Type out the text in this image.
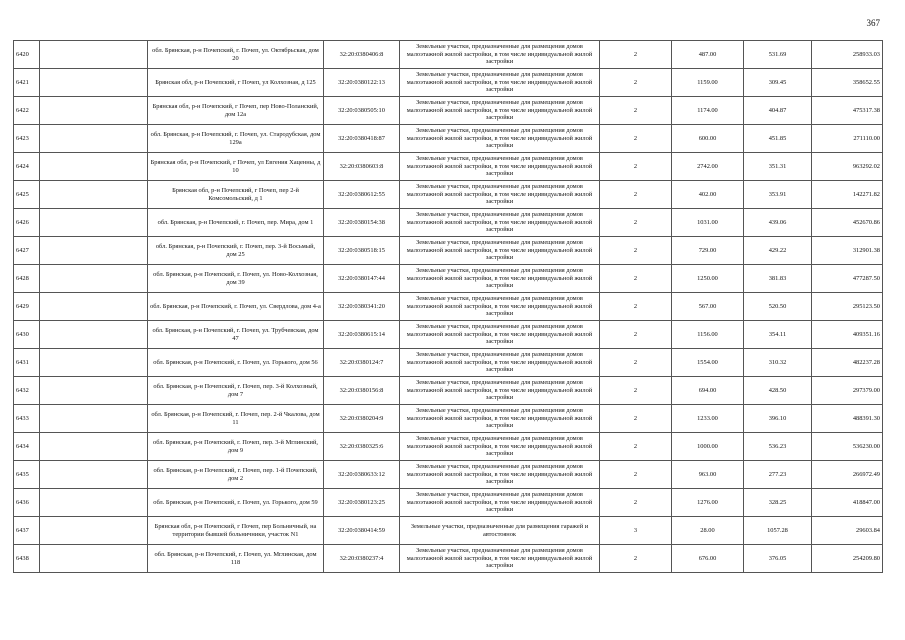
367
6420		обл. Брянская, р-н Почепский, г. Почеп, ул. Октябрьская, дом 20	32:20:0380406:8	Земельные участки, предназначенные для размещения домов малоэтажной жилой застройки, в том числе индивидуальной жилой застройки	2	487.00	531.69	258933.03
6421		Брянская обл, р-н Почепский, г Почеп, ул Колхозная, д 125	32:20:0380122:13	Земельные участки, предназначенные для размещения домов малоэтажной жилой застройки, в том числе индивидуальной жилой застройки	2	1159.00	309.45	358652.55
6422		Брянская обл, р-н Почепский, г Почеп, пер Ново-Поланский, дом 12а	32:20:0380505:10	Земельные участки, предназначенные для размещения домов малоэтажной жилой застройки, в том числе индивидуальной жилой застройки	2	1174.00	404.87	475317.38
6423		обл. Брянская, р-н Почепский, г. Почеп, ул. Стародубская, дом 129а	32:20:0380418:87	Земельные участки, предназначенные для размещения домов малоэтажной жилой застройки, в том числе индивидуальной жилой застройки	2	600.00	451.85	271110.00
6424		Брянская обл, р-н Почепский, г Почеп, ул Евгения Хаценны, д 10	32:20:0380603:8	Земельные участки, предназначенные для размещения домов малоэтажной жилой застройки, в том числе индивидуальной жилой застройки	2	2742.00	351.31	963292.02
6425		Брянская обл, р-н Почепский, г Почеп, пер 2-й Комсомольский, д 1	32:20:0380612:55	Земельные участки, предназначенные для размещения домов малоэтажной жилой застройки, в том числе индивидуальной жилой застройки	2	402.00	353.91	142271.82
6426		обл. Брянская, р-н Почепский, г. Почеп, пер. Мира, дом 1	32:20:0380154:38	Земельные участки, предназначенные для размещения домов малоэтажной жилой застройки, в том числе индивидуальной жилой застройки	2	1031.00	439.06	452670.86
6427		обл. Брянская, р-н Почепский, г. Почеп, пер. 3-й Восьмый, дом 25	32:20:0380518:15	Земельные участки, предназначенные для размещения домов малоэтажной жилой застройки, в том числе индивидуальной жилой застройки	2	729.00	429.22	312901.38
6428		обл. Брянская, р-н Почепский, г. Почеп, ул. Ново-Колхозная, дом 39	32:20:0380147:44	Земельные участки, предназначенные для размещения домов малоэтажной жилой застройки, в том числе индивидуальной жилой застройки	2	1250.00	381.83	477287.50
6429		обл. Брянская, р-н Почепский, г. Почеп, ул. Свердлова, дом 4-а	32:20:0380341:20	Земельные участки, предназначенные для размещения домов малоэтажной жилой застройки, в том числе индивидуальной жилой застройки	2	567.00	520.50	295123.50
6430		обл. Брянская, р-н Почепский, г. Почеп, ул. Трубчевская, дом 47	32:20:0380615:14	Земельные участки, предназначенные для размещения домов малоэтажной жилой застройки, в том числе индивидуальной жилой застройки	2	1156.00	354.11	409351.16
6431		обл. Брянская, р-н Почепский, г. Почеп, ул. Горького, дом 56	32:20:0380124:7	Земельные участки, предназначенные для размещения домов малоэтажной жилой застройки, в том числе индивидуальной жилой застройки	2	1554.00	310.32	482237.28
6432		обл. Брянская, р-н Почепский, г. Почеп, пер. 3-й Колхозный, дом 7	32:20:0380156:8	Земельные участки, предназначенные для размещения домов малоэтажной жилой застройки, в том числе индивидуальной жилой застройки	2	694.00	428.50	297379.00
6433		обл. Брянская, р-н Почепский, г. Почеп, пер. 2-й Чкалова, дом 11	32:20:0380204:9	Земельные участки, предназначенные для размещения домов малоэтажной жилой застройки, в том числе индивидуальной жилой застройки	2	1233.00	396.10	488391.30
6434		обл. Брянская, р-н Почепский, г. Почеп, пер. 3-й Мглинский, дом 9	32:20:0380325:6	Земельные участки, предназначенные для размещения домов малоэтажной жилой застройки, в том числе индивидуальной жилой застройки	2	1000.00	536.23	536230.00
6435		обл. Брянская, р-н Почепский, г. Почеп, пер. 1-й Почепский, дом 2	32:20:0380633:12	Земельные участки, предназначенные для размещения домов малоэтажной жилой застройки, в том числе индивидуальной жилой застройки	2	963.00	277.23	266972.49
6436		обл. Брянская, р-н Почепский, г. Почеп, ул. Горького, дом 59	32:20:0380123:25	Земельные участки, предназначенные для размещения домов малоэтажной жилой застройки, в том числе индивидуальной жилой застройки	2	1276.00	328.25	418847.00
6437		Брянская обл, р-н Почепский, г Почеп, пер Больничный, на территории бывшей больничники, участок N1	32:20:0380414:59	Земельные участки, предназначенные для размещения гаражей и автостоянок	3	28.00	1057.28	29603.84
6438		обл. Брянская, р-н Почепский, г. Почеп, ул. Мглинская, дом 118	32:20:0380237:4	Земельные участки, предназначенные для размещения домов малоэтажной жилой застройки, в том числе индивидуальной жилой застройки	2	676.00	376.05	254209.80
